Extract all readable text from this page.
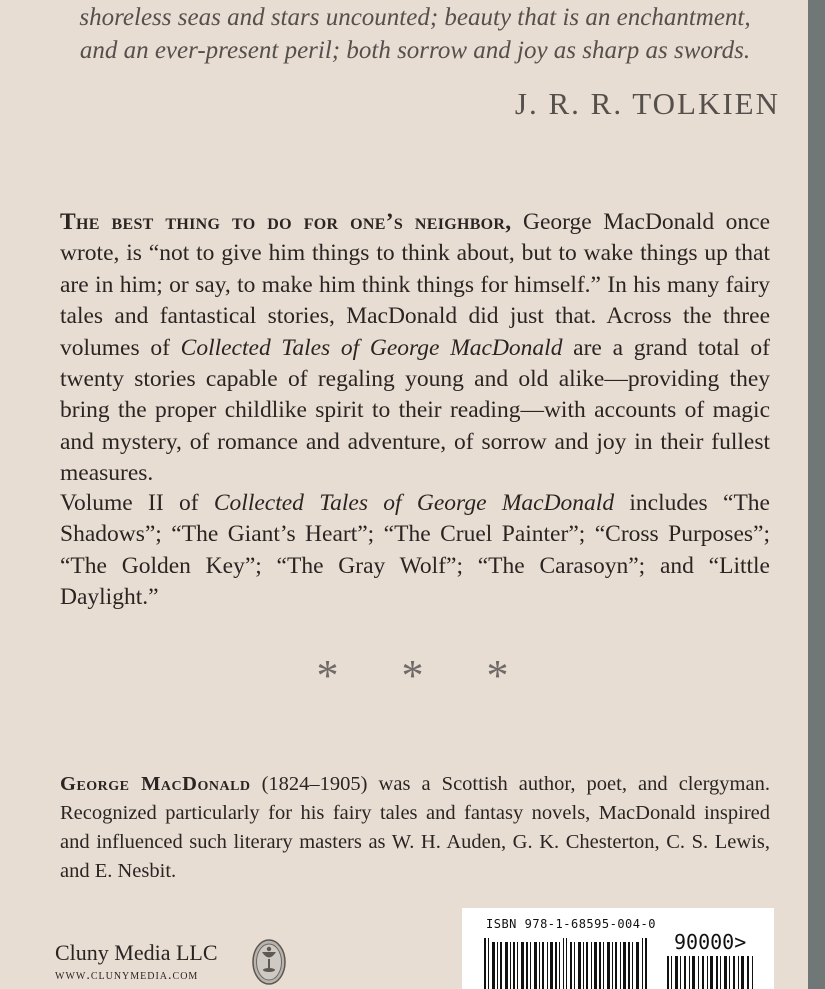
shoreless seas and stars uncounted; beauty that is an enchantment,
and an ever-present peril; both sorrow and joy as sharp as swords.
J. R. R. TOLKIEN

The best thing to do for one’s neighbor, George MacDonald once wrote, is “not to give him things to think about, but to wake things up that are in him; or say, to make him think things for himself.” In his many fairy tales and fantastical stories, MacDonald did just that. Across the three volumes of Collected Tales of George MacDonald are a grand total of twenty stories capable of regaling young and old alike—providing they bring the proper childlike spirit to their reading—with accounts of magic and mystery, of romance and adventure, of sorrow and joy in their fullest measures.

Volume II of Collected Tales of George MacDonald includes “The Shadows”; “The Giant’s Heart”; “The Cruel Painter”; “Cross Purposes”; “The Golden Key”; “The Gray Wolf”; “The Carasoyn”; and “Little Daylight.”

* * *

George MacDonald (1824–1905) was a Scottish author, poet, and clergyman. Recognized particularly for his fairy tales and fantasy novels, MacDonald inspired and influenced such literary masters as W. H. Auden, G. K. Chesterton, C. S. Lewis, and E. Nesbit.

Cluny Media LLC
www.clunymedia.com
ISBN 978-1-68595-004-0
90000>
